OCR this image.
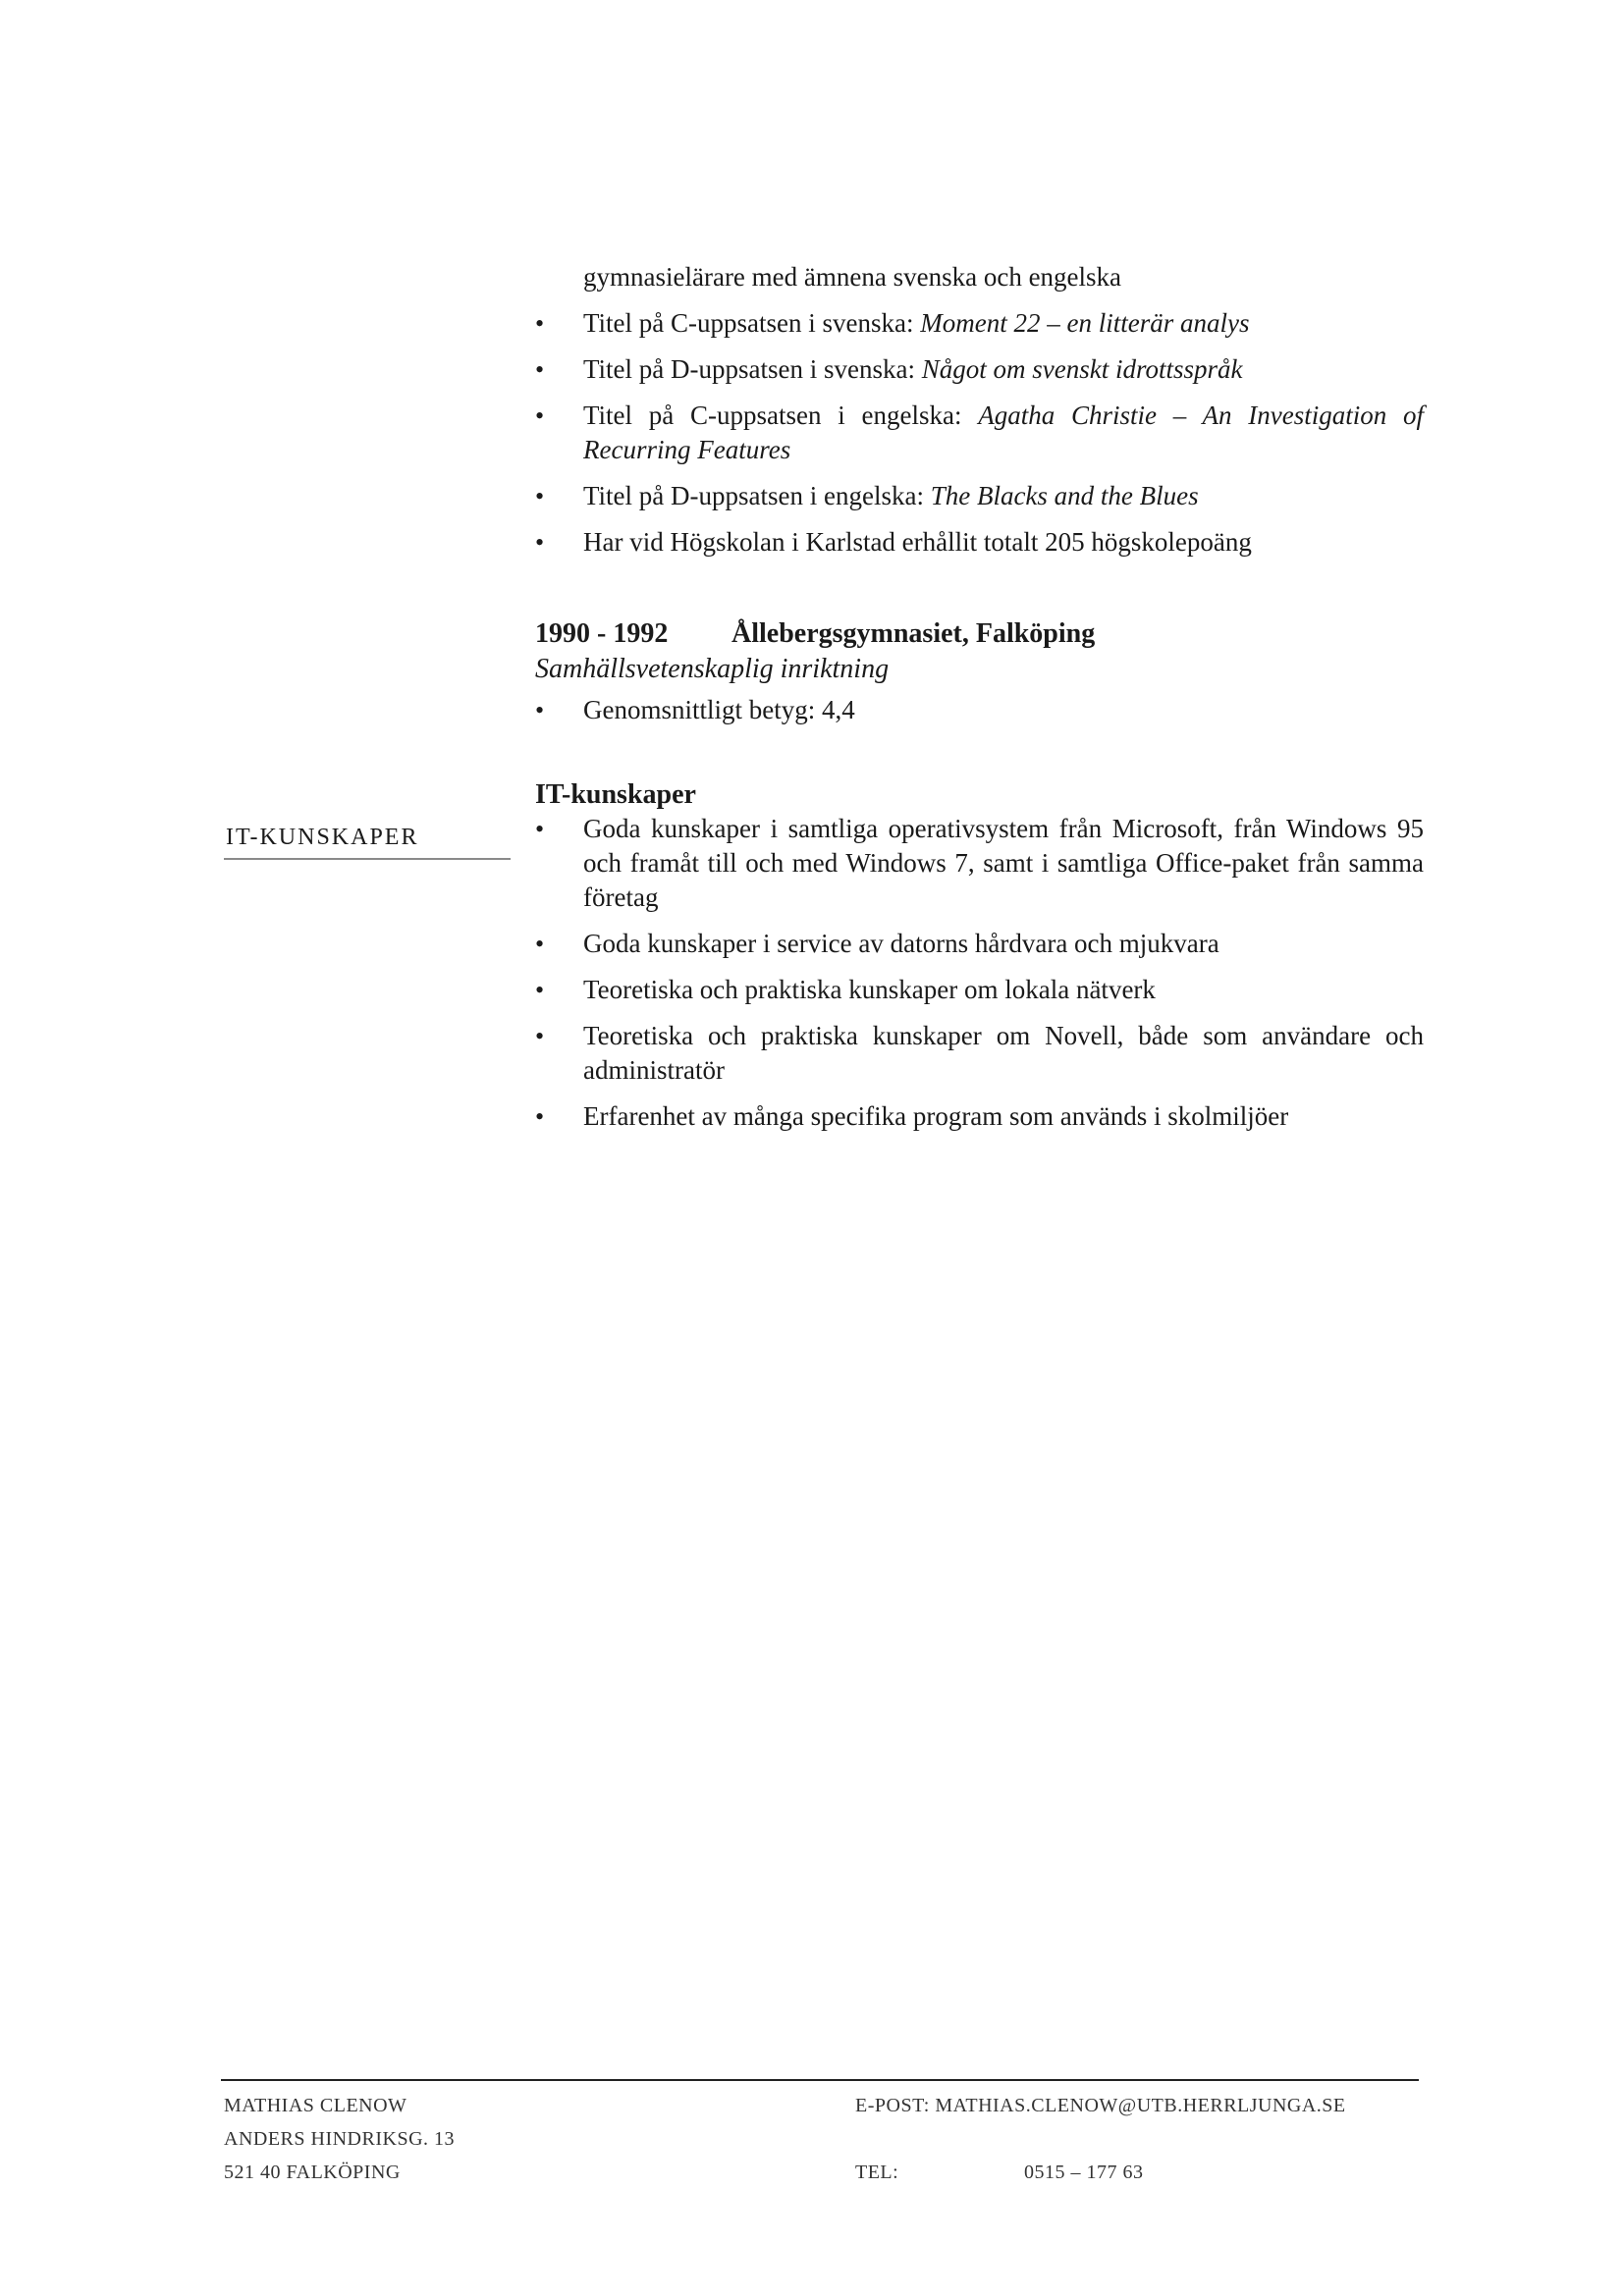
gymnasielärare med ämnena svenska och engelska
• Titel på C-uppsatsen i svenska: Moment 22 – en litterär analys
• Titel på D-uppsatsen i svenska: Något om svenskt idrottsspråk
• Titel på C-uppsatsen i engelska: Agatha Christie – An Investigation of Recurring Features
• Titel på D-uppsatsen i engelska: The Blacks and the Blues
• Har vid Högskolan i Karlstad erhållit totalt 205 högskolepoäng
1990 - 1992 Ållebergsgymnasiet, Falköping
Samhällsvetenskaplig inriktning
• Genomsnittligt betyg: 4,4
IT-kunskaper
• Goda kunskaper i samtliga operativsystem från Microsoft, från Windows 95 och framåt till och med Windows 7, samt i samtliga Office-paket från samma företag
• Goda kunskaper i service av datorns hårdvara och mjukvara
• Teoretiska och praktiska kunskaper om lokala nätverk
• Teoretiska och praktiska kunskaper om Novell, både som användare och administratör
• Erfarenhet av många specifika program som används i skolmiljöer
IT-KUNSKAPER
MATHIAS CLENOW
ANDERS HINDRIKSG. 13
521 40 FALKÖPING
E-POST: MATHIAS.CLENOW@UTB.HERRLJUNGA.SE
TEL:	0515 – 177 63
